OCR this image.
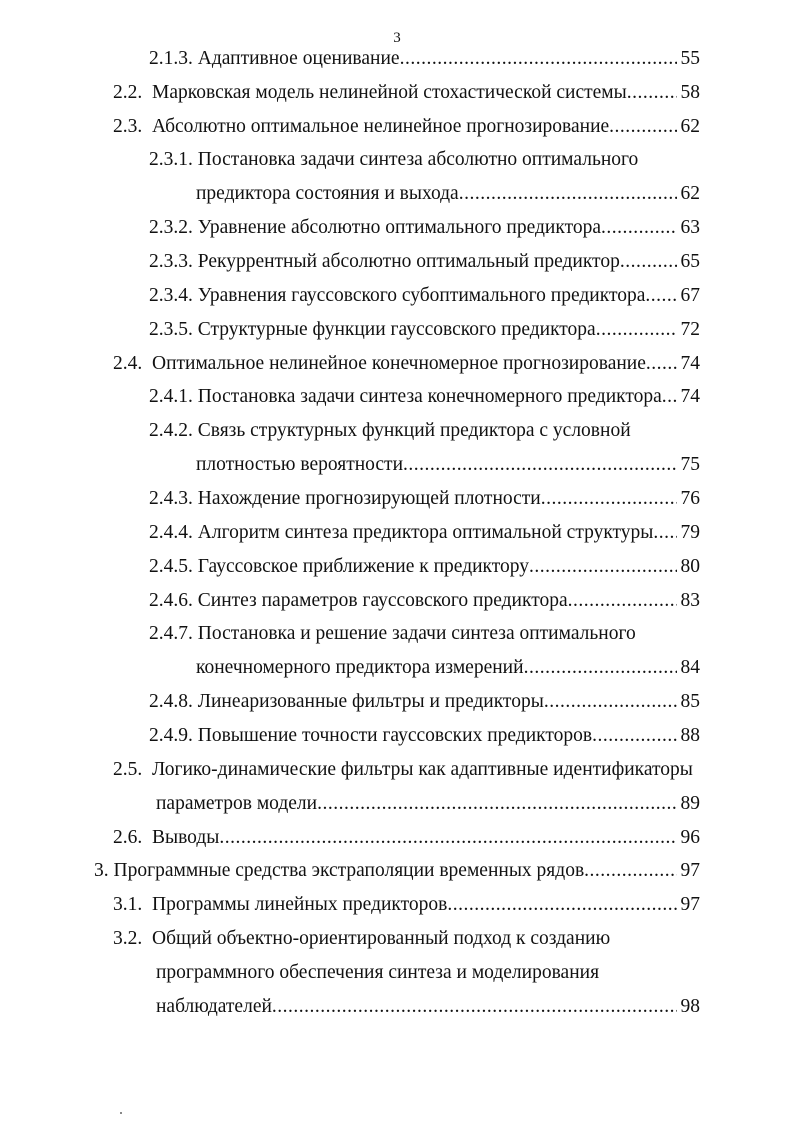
3
2.1.3. Адаптивное оценивание .....	55
2.2. Марковская модель нелинейной стохастической системы .....	58
2.3. Абсолютно оптимальное нелинейное прогнозирование .....	62
2.3.1. Постановка задачи синтеза абсолютно оптимального
предиктора состояния и выхода .....	62
2.3.2. Уравнение абсолютно оптимального предиктора .....	63
2.3.3. Рекуррентный абсолютно оптимальный предиктор .....	65
2.3.4. Уравнения гауссовского субоптимального предиктора ..... 67
2.3.5. Структурные функции гауссовского предиктора .....	72
2.4. Оптимальное нелинейное конечномерное прогнозирование ..... 74
2.4.1. Постановка задачи синтеза конечномерного предиктора ..... 74
2.4.2. Связь структурных функций предиктора с условной
плотностью вероятности .....	75
2.4.3. Нахождение прогнозирующей плотности .....	76
2.4.4. Алгоритм синтеза предиктора оптимальной структуры ..... 79
2.4.5. Гауссовское приближение к предиктору .....	80
2.4.6. Синтез параметров гауссовского предиктора .....	83
2.4.7. Постановка и решение задачи синтеза оптимального
конечномерного предиктора измерений .....	84
2.4.8. Линеаризованные фильтры и предикторы .....	85
2.4.9. Повышение точности гауссовских предикторов .....	88
2.5. Логико-динамические фильтры как адаптивные идентификаторы
параметров модели .....	89
2.6. Выводы .....	96
3. Программные средства экстраполяции временных рядов .....	97
3.1. Программы линейных предикторов .....	97
3.2. Общий объектно-ориентированный подход к созданию
программного обеспечения синтеза и моделирования
наблюдателей .....	98
